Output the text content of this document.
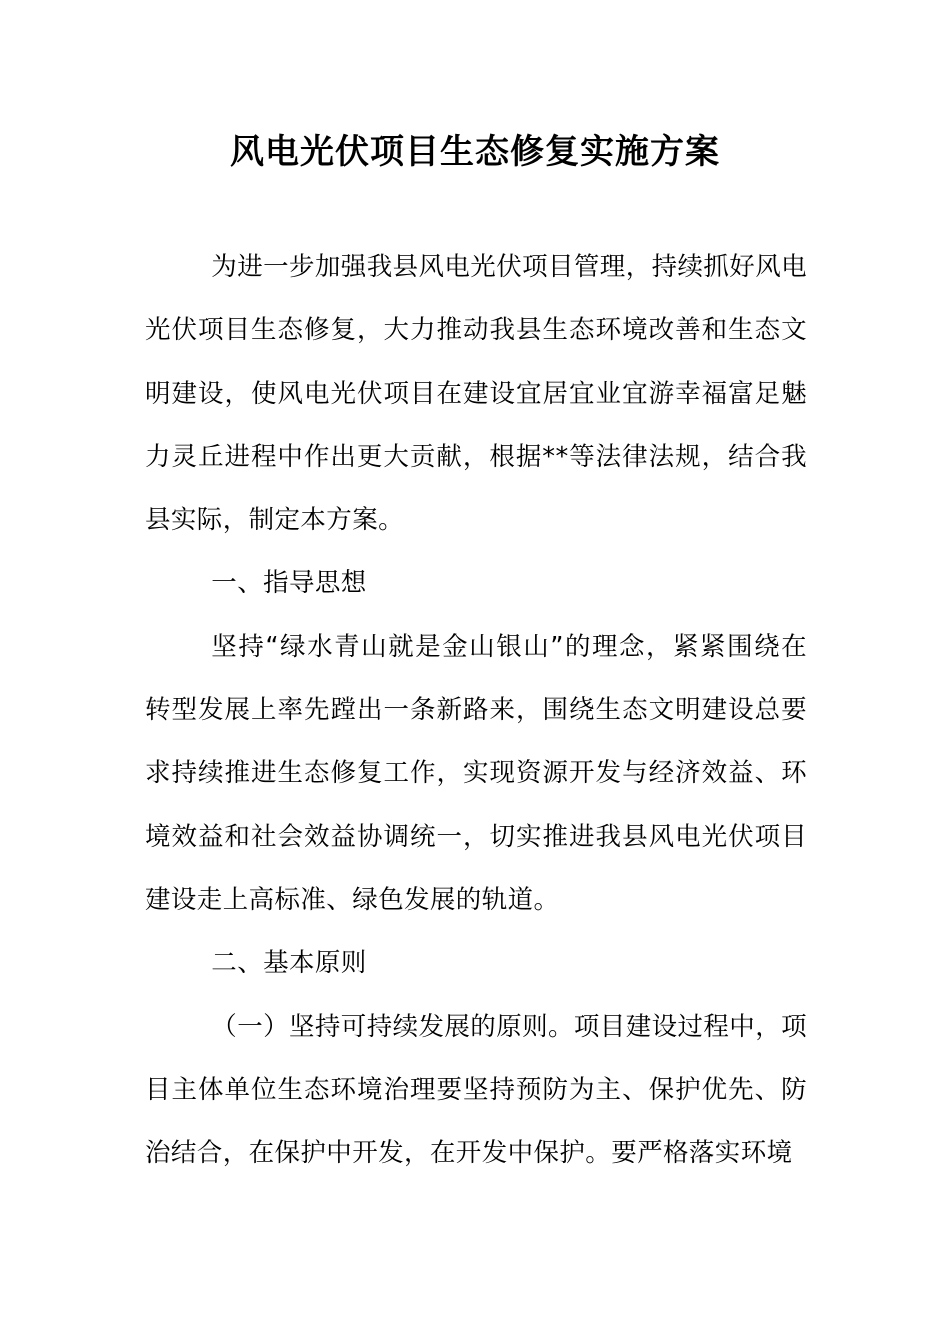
风电光伏项目生态修复实施方案

为进一步加强我县风电光伏项目管理，持续抓好风电光伏项目生态修复，大力推动我县生态环境改善和生态文明建设，使风电光伏项目在建设宜居宜业宜游幸福富足魅力灵丘进程中作出更大贡献，根据**等法律法规，结合我县实际，制定本方案。

一、指导思想

坚持“绿水青山就是金山银山”的理念，紧紧围绕在转型发展上率先蹚出一条新路来，围绕生态文明建设总要求持续推进生态修复工作，实现资源开发与经济效益、环境效益和社会效益协调统一，切实推进我县风电光伏项目建设走上高标准、绿色发展的轨道。

二、基本原则

（一）坚持可持续发展的原则。项目建设过程中，项目主体单位生态环境治理要坚持预防为主、保护优先、防治结合，在保护中开发，在开发中保护。要严格落实环境
